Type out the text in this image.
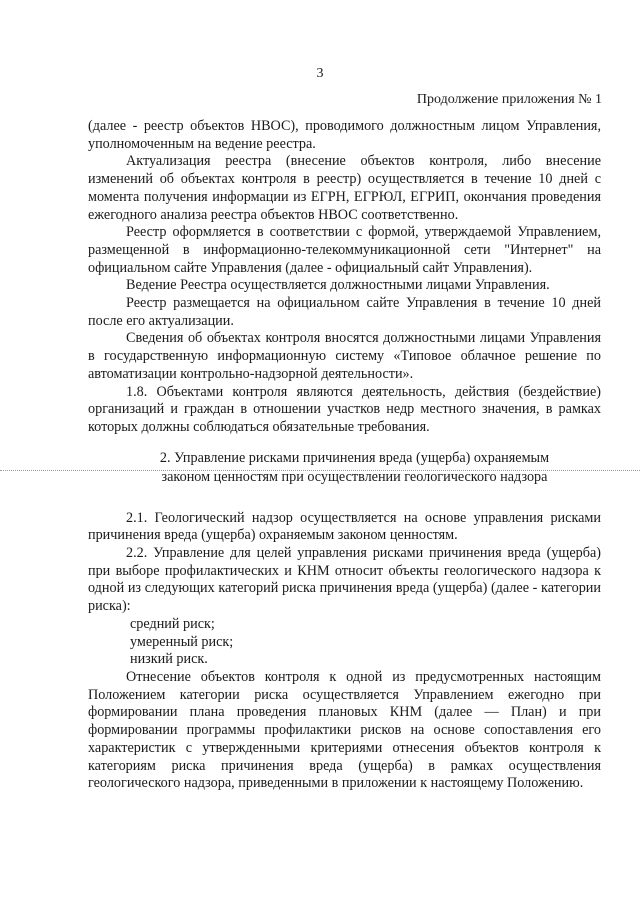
3
Продолжение приложения № 1

(далее - реестр объектов НВОС), проводимого должностным лицом Управления, уполномоченным на ведение реестра.

Актуализация реестра (внесение объектов контроля, либо внесение изменений об объектах контроля в реестр) осуществляется в течение 10 дней с момента получения информации из ЕГРН, ЕГРЮЛ, ЕГРИП, окончания проведения ежегодного анализа реестра объектов НВОС соответственно.

Реестр оформляется в соответствии с формой, утверждаемой Управлением, размещенной в информационно-телекоммуникационной сети "Интернет" на официальном сайте Управления (далее - официальный сайт Управления).

Ведение Реестра осуществляется должностными лицами Управления.

Реестр размещается на официальном сайте Управления в течение 10 дней после его актуализации.

Сведения об объектах контроля вносятся должностными лицами Управления в государственную информационную систему «Типовое облачное решение по автоматизации контрольно-надзорной деятельности».

1.8. Объектами контроля являются деятельность, действия (бездействие) организаций и граждан в отношении участков недр местного значения, в рамках которых должны соблюдаться обязательные требования.

2. Управление рисками причинения вреда (ущерба) охраняемым законом ценностям при осуществлении геологического надзора

2.1. Геологический надзор осуществляется на основе управления рисками причинения вреда (ущерба) охраняемым законом ценностям.

2.2. Управление для целей управления рисками причинения вреда (ущерба) при выборе профилактических и КНМ относит объекты геологического надзора к одной из следующих категорий риска причинения вреда (ущерба) (далее - категории риска):

средний риск;

умеренный риск;

низкий риск.

Отнесение объектов контроля к одной из предусмотренных настоящим Положением категории риска осуществляется Управлением ежегодно при формировании плана проведения плановых КНМ (далее — План) и при формировании программы профилактики рисков на основе сопоставления его характеристик с утвержденными критериями отнесения объектов контроля к категориям риска причинения вреда (ущерба) в рамках осуществления геологического надзора, приведенными в приложении к настоящему Положению.
